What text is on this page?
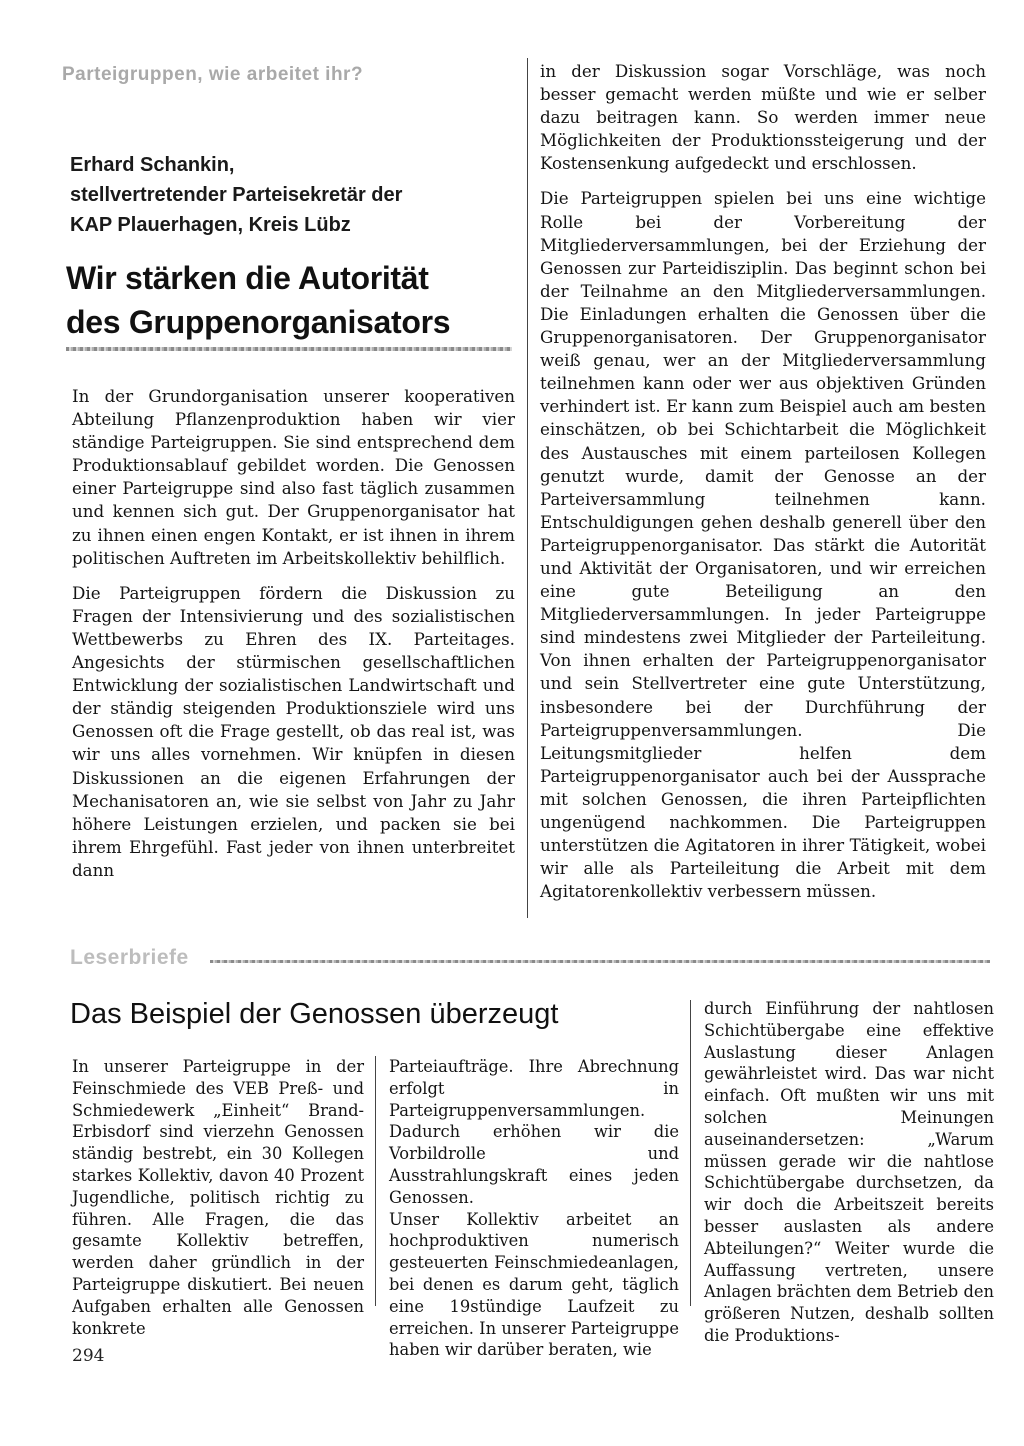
Parteigruppen, wie arbeitet ihr?
Erhard Schankin,
stellvertretender Parteisekretär der
KAP Plauerhagen, Kreis Lübz
Wir stärken die Autorität
des Gruppenorganisators

In der Grundorganisation unserer kooperativen Abteilung Pflanzenproduktion haben wir vier ständige Parteigruppen. Sie sind entsprechend dem Produktionsablauf gebildet worden. Die Genossen einer Parteigruppe sind also fast täglich zusammen und kennen sich gut. Der Gruppenorganisator hat zu ihnen einen engen Kontakt, er ist ihnen in ihrem politischen Auftreten im Arbeitskollektiv behilflich.

Die Parteigruppen fördern die Diskussion zu Fragen der Intensivierung und des sozialistischen Wettbewerbs zu Ehren des IX. Parteitages. Angesichts der stürmischen gesellschaftlichen Entwicklung der sozialistischen Landwirtschaft und der ständig steigenden Produktionsziele wird uns Genossen oft die Frage gestellt, ob das real ist, was wir uns alles vornehmen. Wir knüpfen in diesen Diskussionen an die eigenen Erfahrungen der Mechanisatoren an, wie sie selbst von Jahr zu Jahr höhere Leistungen erzielen, und packen sie bei ihrem Ehrgefühl. Fast jeder von ihnen unterbreitet dann

in der Diskussion sogar Vorschläge, was noch besser gemacht werden müßte und wie er selber dazu beitragen kann. So werden immer neue Möglichkeiten der Produktionssteigerung und der Kostensenkung aufgedeckt und erschlossen.

Die Parteigruppen spielen bei uns eine wichtige Rolle bei der Vorbereitung der Mitgliederversammlungen, bei der Erziehung der Genossen zur Parteidisziplin. Das beginnt schon bei der Teilnahme an den Mitgliederversammlungen. Die Einladungen erhalten die Genossen über die Gruppenorganisatoren. Der Gruppenorganisator weiß genau, wer an der Mitgliederversammlung teilnehmen kann oder wer aus objektiven Gründen verhindert ist. Er kann zum Beispiel auch am besten einschätzen, ob bei Schichtarbeit die Möglichkeit des Austausches mit einem parteilosen Kollegen genutzt wurde, damit der Genosse an der Parteiversammlung teilnehmen kann. Entschuldigungen gehen deshalb generell über den Parteigruppenorganisator. Das stärkt die Autorität und Aktivität der Organisatoren, und wir erreichen eine gute Beteiligung an den Mitgliederversammlungen. In jeder Parteigruppe sind mindestens zwei Mitglieder der Parteileitung. Von ihnen erhalten der Parteigruppenorganisator und sein Stellvertreter eine gute Unterstützung, insbesondere bei der Durchführung der Parteigruppenversammlungen. Die Leitungsmitglieder helfen dem Parteigruppenorganisator auch bei der Aussprache mit solchen Genossen, die ihren Parteipflichten ungenügend nachkommen. Die Parteigruppen unterstützen die Agitatoren in ihrer Tätigkeit, wobei wir alle als Parteileitung die Arbeit mit dem Agitatorenkollektiv verbessern müssen.

Leserbriefe
Das Beispiel der Genossen überzeugt

In unserer Parteigruppe in der Feinschmiede des VEB Preß- und Schmiedewerk „Einheit“ Brand-Erbisdorf sind vierzehn Genossen ständig bestrebt, ein 30 Kollegen starkes Kollektiv, davon 40 Prozent Jugendliche, politisch richtig zu führen. Alle Fragen, die das gesamte Kollektiv betreffen, werden daher gründlich in der Parteigruppe diskutiert. Bei neuen Aufgaben erhalten alle Genossen konkrete

Parteiaufträge. Ihre Abrechnung erfolgt in Parteigruppenversammlungen. Dadurch erhöhen wir die Vorbildrolle und Ausstrahlungskraft eines jeden Genossen.

Unser Kollektiv arbeitet an hochproduktiven numerisch gesteuerten Feinschmiedeanlagen, bei denen es darum geht, täglich eine 19stündige Laufzeit zu erreichen. In unserer Parteigruppe haben wir darüber beraten, wie

durch Einführung der nahtlosen Schichtübergabe eine effektive Auslastung dieser Anlagen gewährleistet wird. Das war nicht einfach. Oft mußten wir uns mit solchen Meinungen auseinandersetzen: „Warum müssen gerade wir die nahtlose Schichtübergabe durchsetzen, da wir doch die Arbeitszeit bereits besser auslasten als andere Abteilungen?“ Weiter wurde die Auffassung vertreten, unsere Anlagen brächten dem Betrieb den größeren Nutzen, deshalb sollten die Produktions-

294
